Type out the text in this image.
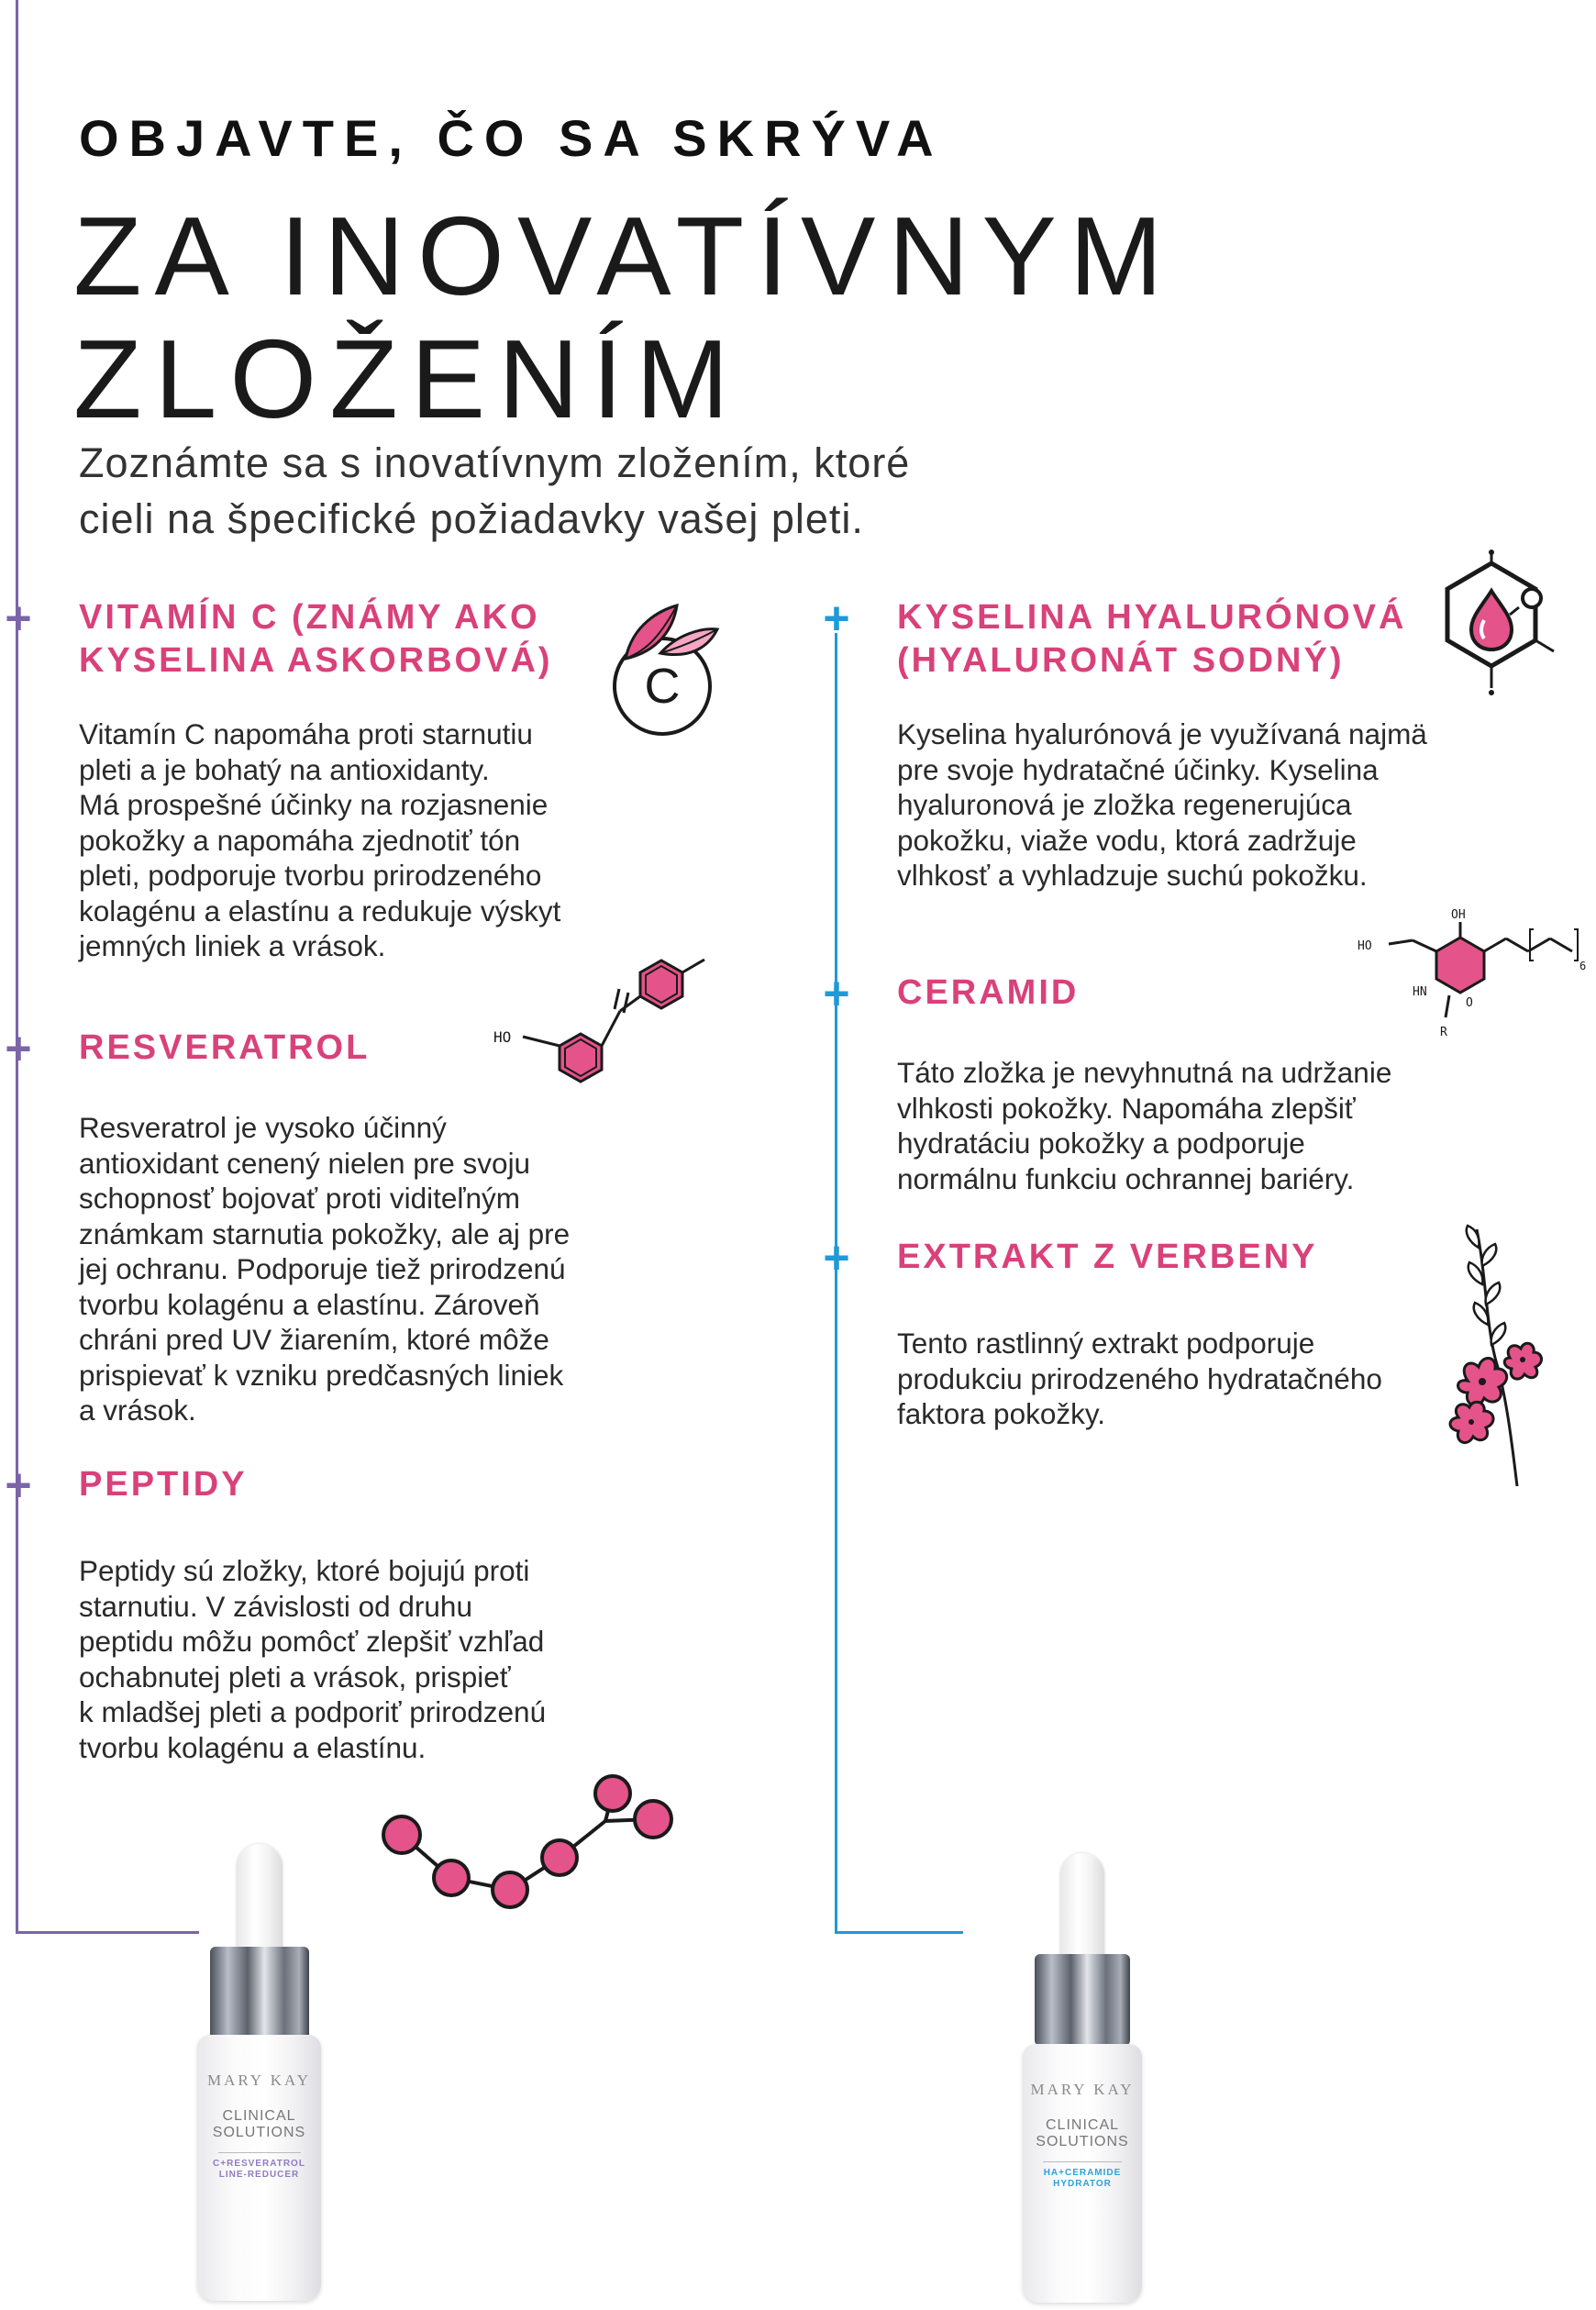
OBJAVTE, ČO SA SKRÝVA
ZA INOVATÍVNYM
ZLOŽENÍM
Zoznámte sa s inovatívnym zložením, ktoré
cieli na špecifické požiadavky vašej pleti.
+
+
+
+
+
+
VITAMÍN C (ZNÁMY AKO
KYSELINA ASKORBOVÁ)
Vitamín C napomáha proti starnutiu
pleti a je bohatý na antioxidanty.
Má prospešné účinky na rozjasnenie
pokožky a napomáha zjednotiť tón
pleti, podporuje tvorbu prirodzeného
kolagénu a elastínu a redukuje výskyt
jemných liniek a vrások.
C
RESVERATROL
Resveratrol je vysoko účinný
antioxidant cenený nielen pre svoju
schopnosť bojovať proti viditeľným
známkam starnutia pokožky, ale aj pre
jej ochranu. Podporuje tiež prirodzenú
tvorbu kolagénu a elastínu. Zároveň
chráni pred UV žiarením, ktoré môže
prispievať k vzniku predčasných liniek
a vrások.
HO
PEPTIDY
Peptidy sú zložky, ktoré bojujú proti
starnutiu. V závislosti od druhu
peptidu môžu pomôcť zlepšiť vzhľad
ochabnutej pleti a vrások, prispieť
k mladšej pleti a podporiť prirodzenú
tvorbu kolagénu a elastínu.
KYSELINA HYALURÓNOVÁ
(HYALURONÁT SODNÝ)
Kyselina hyalurónová je využívaná najmä
pre svoje hydratačné účinky. Kyselina
hyaluronová je zložka regenerujúca
pokožku, viaže vodu, ktorá zadržuje
vlhkosť a vyhladzuje suchú pokožku.
CERAMID
Táto zložka je nevyhnutná na udržanie
vlhkosti pokožky. Napomáha zlepšiť
hydratáciu pokožky a podporuje
normálnu funkciu ochrannej bariéry.
OH
HO
HN
O
R
6
EXTRAKT Z VERBENY
Tento rastlinný extrakt podporuje
produkciu prirodzeného hydratačného
faktora pokožky.
MARY KAY
CLINICAL
SOLUTIONS
C+RESVERATROL
LINE-REDUCER
MARY KAY
CLINICAL
SOLUTIONS
HA+CERAMIDE
HYDRATOR
